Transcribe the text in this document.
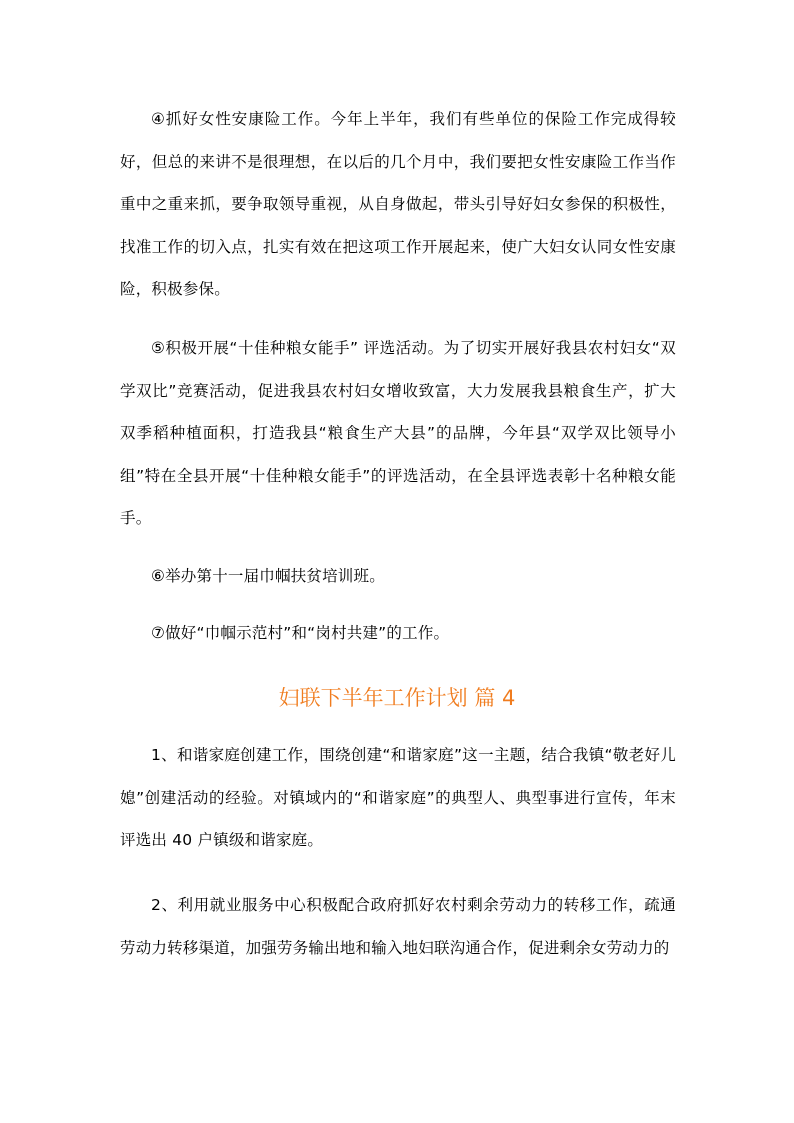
④抓好女性安康险工作。今年上半年，我们有些单位的保险工作完成得较好，但总的来讲不是很理想，在以后的几个月中，我们要把女性安康险工作当作重中之重来抓，要争取领导重视，从自身做起，带头引导好妇女参保的积极性，找准工作的切入点，扎实有效在把这项工作开展起来，使广大妇女认同女性安康险，积极参保。

⑤积极开展“十佳种粮女能手” 评选活动。为了切实开展好我县农村妇女“双学双比”竞赛活动，促进我县农村妇女增收致富，大力发展我县粮食生产，扩大双季稻种植面积，打造我县“粮食生产大县”的品牌，今年县“双学双比领导小组”特在全县开展“十佳种粮女能手”的评选活动，在全县评选表彰十名种粮女能手。

⑥举办第十一届巾帼扶贫培训班。

⑦做好“巾帼示范村”和“岗村共建”的工作。

妇联下半年工作计划 篇 4

1、和谐家庭创建工作，围绕创建“和谐家庭”这一主题，结合我镇“敬老好儿媳”创建活动的经验。对镇域内的“和谐家庭”的典型人、典型事进行宣传，年末评选出 40 户镇级和谐家庭。

2、利用就业服务中心积极配合政府抓好农村剩余劳动力的转移工作，疏通劳动力转移渠道，加强劳务输出地和输入地妇联沟通合作，促进剩余女劳动力的
